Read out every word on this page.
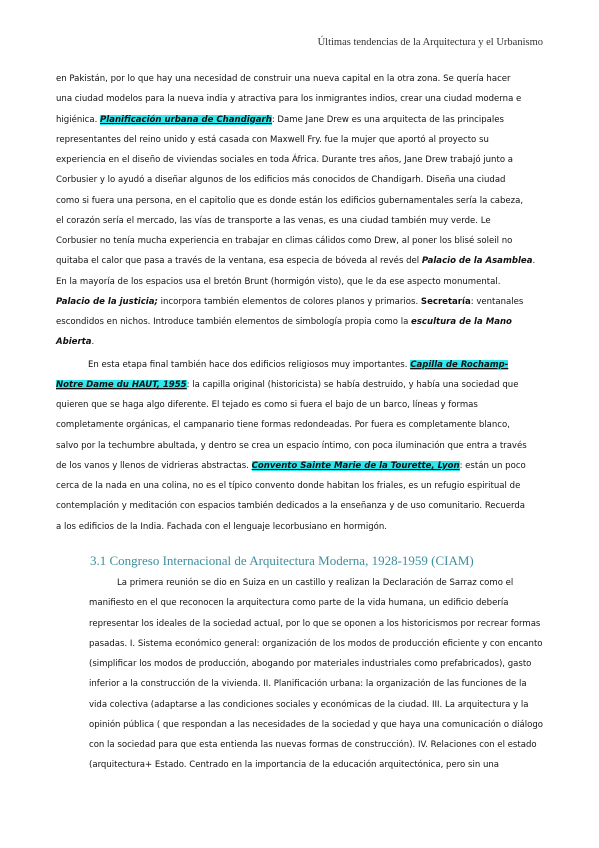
Últimas tendencias de la Arquitectura y el Urbanismo
en Pakistán, por lo que hay una necesidad de construir una nueva capital en la otra zona. Se quería hacer
una ciudad modelos para la nueva india y atractiva para los inmigrantes indios, crear una ciudad moderna e
higiénica. Planificación urbana de Chandigarh: Dame Jane Drew es una arquitecta de las principales
representantes del reino unido y está casada con Maxwell Fry. fue la mujer que aportó al proyecto su
experiencia en el diseño de viviendas sociales en toda África. Durante tres años, Jane Drew trabajó junto a
Corbusier y lo ayudó a diseñar algunos de los edificios más conocidos de Chandigarh. Diseña una ciudad
como si fuera una persona, en el capitolio que es donde están los edificios gubernamentales sería la cabeza,
el corazón sería el mercado, las vías de transporte a las venas, es una ciudad también muy verde. Le
Corbusier no tenía mucha experiencia en trabajar en climas cálidos como Drew, al poner los blisé soleil no
quitaba el calor que pasa a través de la ventana, esa especia de bóveda al revés del Palacio de la Asamblea.
En la mayoría de los espacios usa el bretón Brunt (hormigón visto), que le da ese aspecto monumental.
Palacio de la justicia; incorpora también elementos de colores planos y primarios. Secretaría: ventanales
escondidos en nichos. Introduce también elementos de simbología propia como la escultura de la Mano
Abierta.
En esta etapa final también hace dos edificios religiosos muy importantes. Capilla de Rochamp-
Notre Dame du HAUT, 1955: la capilla original (historicista) se había destruido, y había una sociedad que
quieren que se haga algo diferente. El tejado es como si fuera el bajo de un barco, líneas y formas
completamente orgánicas, el campanario tiene formas redondeadas. Por fuera es completamente blanco,
salvo por la techumbre abultada, y dentro se crea un espacio íntimo, con poca iluminación que entra a través
de los vanos y llenos de vidrieras abstractas. Convento Sainte Marie de la Tourette, Lyon: están un poco
cerca de la nada en una colina, no es el típico convento donde habitan los friales, es un refugio espiritual de
contemplación y meditación con espacios también dedicados a la enseñanza y de uso comunitario. Recuerda
a los edificios de la India. Fachada con el lenguaje lecorbusiano en hormigón.
3.1 Congreso Internacional de Arquitectura Moderna, 1928-1959 (CIAM)
La primera reunión se dio en Suiza en un castillo y realizan la Declaración de Sarraz como el
manifiesto en el que reconocen la arquitectura como parte de la vida humana, un edificio debería
representar los ideales de la sociedad actual, por lo que se oponen a los historicismos por recrear formas
pasadas. I. Sistema económico general: organización de los modos de producción eficiente y con encanto
(simplificar los modos de producción, abogando por materiales industriales como prefabricados), gasto
inferior a la construcción de la vivienda. II. Planificación urbana: la organización de las funciones de la
vida colectiva (adaptarse a las condiciones sociales y económicas de la ciudad. III. La arquitectura y la
opinión pública ( que respondan a las necesidades de la sociedad y que haya una comunicación o diálogo
con la sociedad para que esta entienda las nuevas formas de construcción). IV. Relaciones con el estado
(arquitectura+ Estado. Centrado en la importancia de la educación arquitectónica, pero sin una
